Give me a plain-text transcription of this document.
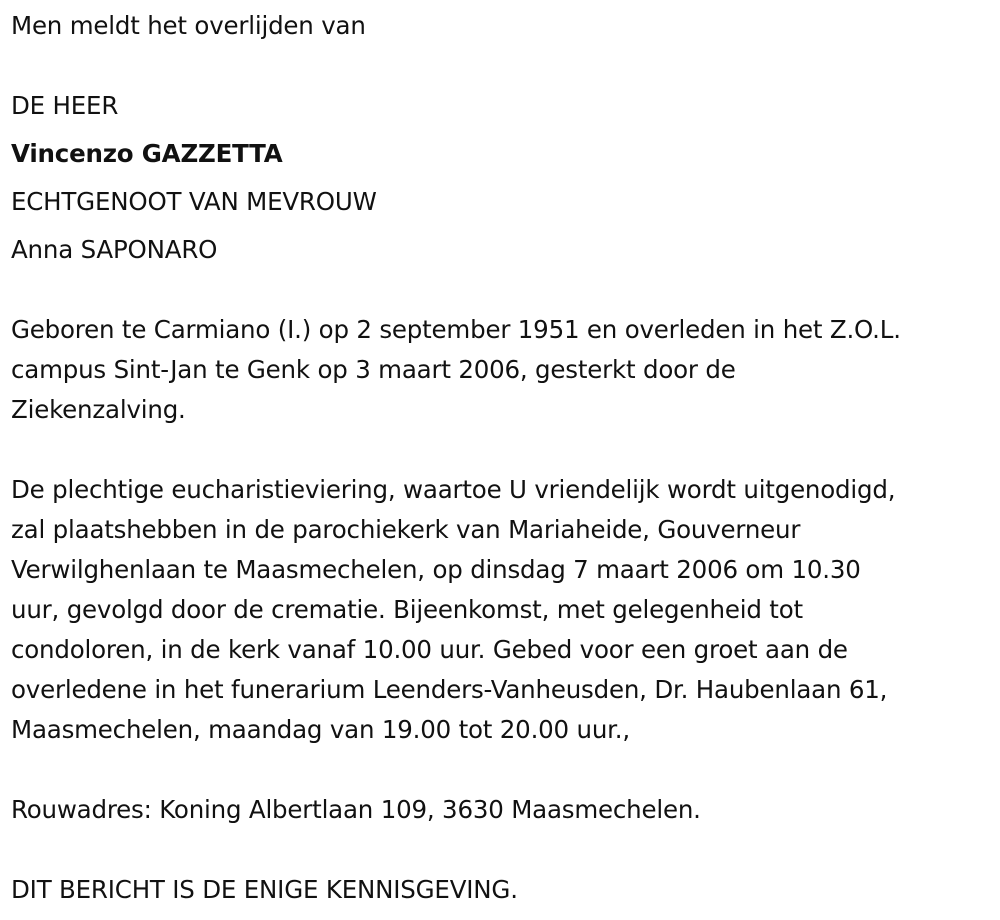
Men meldt het overlijden van
DE HEER
Vincenzo GAZZETTA
ECHTGENOOT VAN MEVROUW
Anna SAPONARO
Geboren te Carmiano (I.) op 2 september 1951 en overleden in het Z.O.L.
campus Sint-Jan te Genk op 3 maart 2006, gesterkt door de
Ziekenzalving.
De plechtige eucharistieviering, waartoe U vriendelijk wordt uitgenodigd,
zal plaatshebben in de parochiekerk van Mariaheide, Gouverneur
Verwilghenlaan te Maasmechelen, op dinsdag 7 maart 2006 om 10.30
uur, gevolgd door de crematie. Bijeenkomst, met gelegenheid tot
condoloren, in de kerk vanaf 10.00 uur. Gebed voor een groet aan de
overledene in het funerarium Leenders-Vanheusden, Dr. Haubenlaan 61,
Maasmechelen, maandag van 19.00 tot 20.00 uur.,
Rouwadres: Koning Albertlaan 109, 3630 Maasmechelen.
DIT BERICHT IS DE ENIGE KENNISGEVING.
